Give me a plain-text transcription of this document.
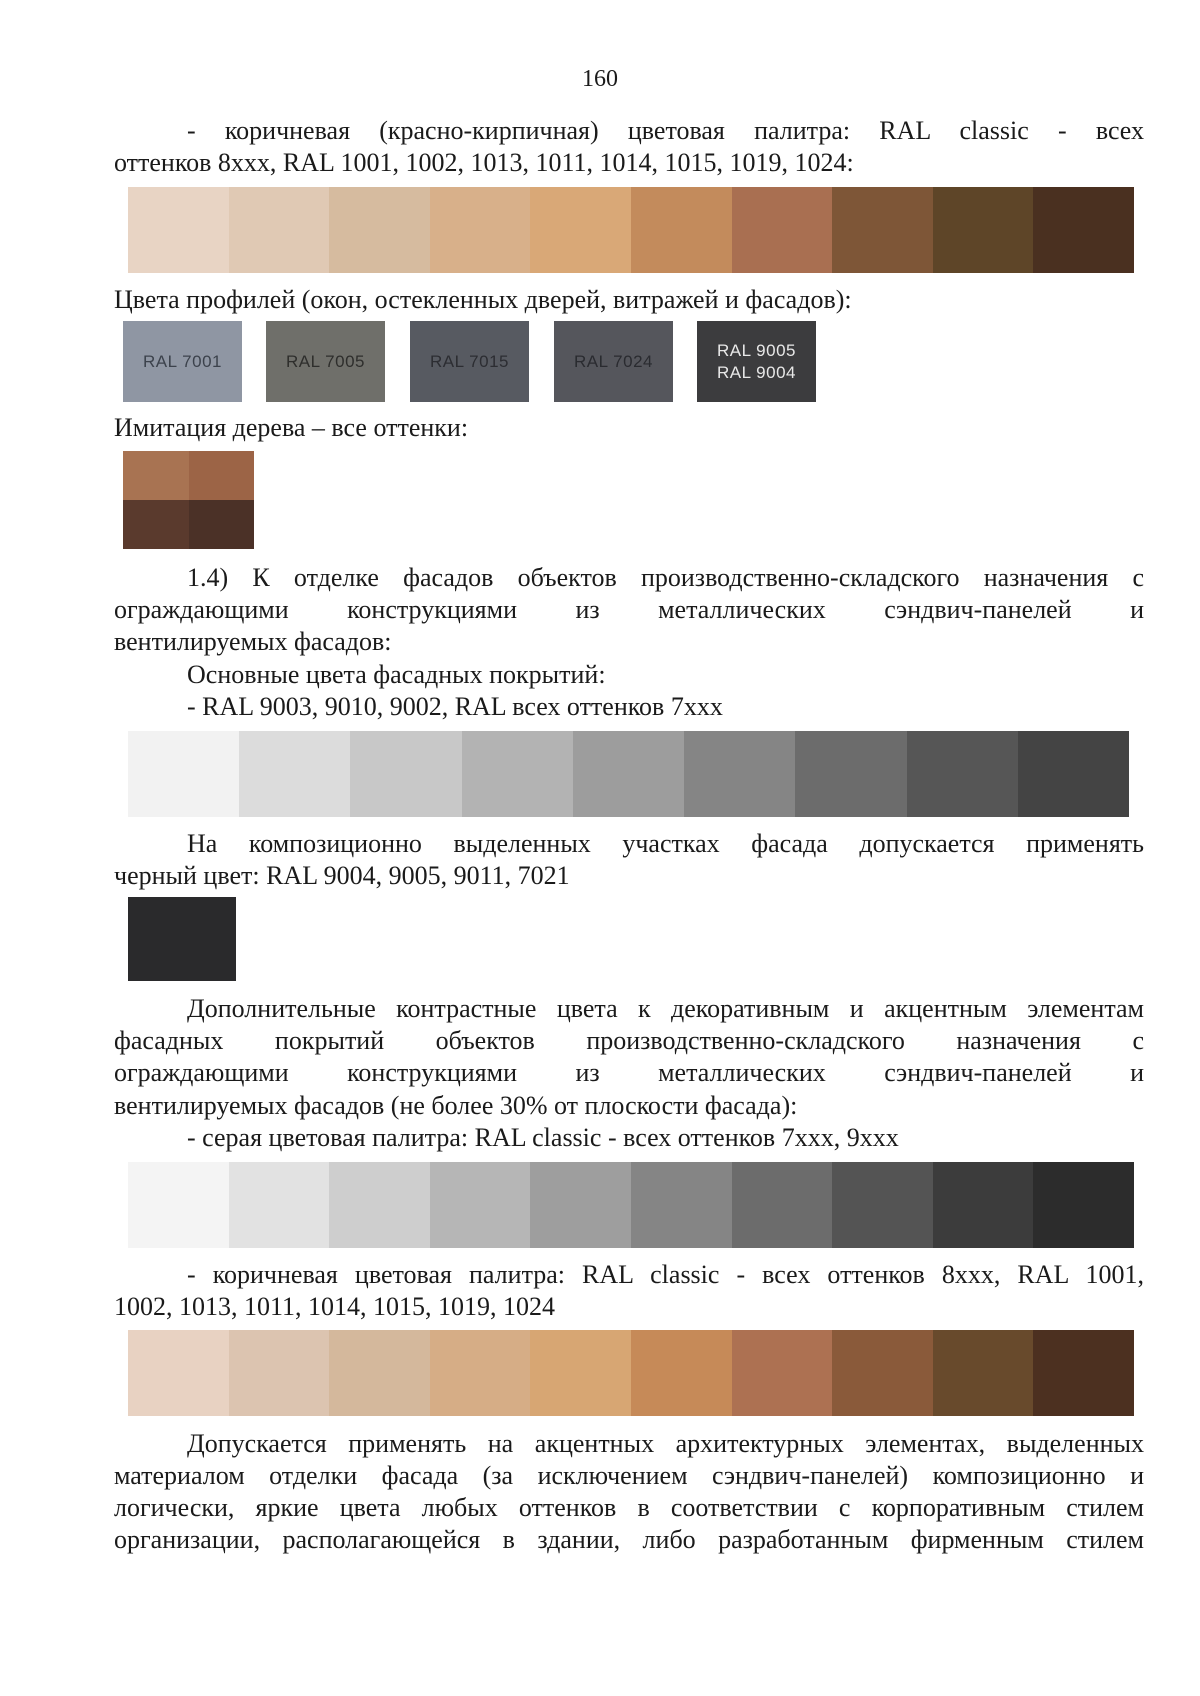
160
- коричневая (красно-кирпичная) цветовая палитра: RAL classic - всех
оттенков 8xxx, RAL 1001, 1002, 1013, 1011, 1014, 1015, 1019, 1024:
Цвета профилей (окон, остекленных дверей, витражей и фасадов):
RAL 7001	RAL 7005	RAL 7015	RAL 7024
RAL 9005
RAL 9004
Имитация дерева – все оттенки:
1.4) К отделке фасадов объектов производственно-складского назначения с
ограждающими конструкциями из металлических сэндвич-панелей и
вентилируемых фасадов:
Основные цвета фасадных покрытий:
- RAL 9003, 9010, 9002, RAL всех оттенков 7xxx
На композиционно выделенных участках фасада допускается применять
черный цвет: RAL 9004, 9005, 9011, 7021
Дополнительные контрастные цвета к декоративным и акцентным элементам
фасадных покрытий объектов производственно-складского назначения с
ограждающими конструкциями из металлических сэндвич-панелей и
вентилируемых фасадов (не более 30% от плоскости фасада):
- серая цветовая палитра: RAL classic - всех оттенков 7xxx, 9xxx
- коричневая цветовая палитра: RAL classic - всех оттенков 8xxx, RAL 1001,
1002, 1013, 1011, 1014, 1015, 1019, 1024
Допускается применять на акцентных архитектурных элементах, выделенных
материалом отделки фасада (за исключением сэндвич-панелей) композиционно и
логически, яркие цвета любых оттенков в соответствии с корпоративным стилем
организации, располагающейся в здании, либо разработанным фирменным стилем
